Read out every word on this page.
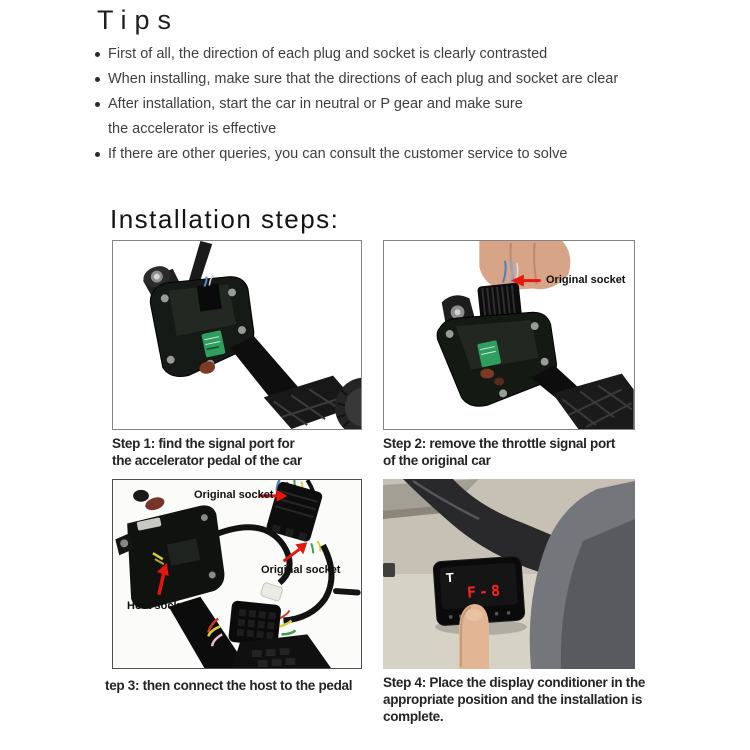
Tips
First of all, the direction of each plug and socket is clearly contrasted
When installing, make sure that the directions of each plug and socket are clear
After installation, start the car in neutral or P gear and make sure
the accelerator is effective
If there are other queries, you can consult the customer service to solve
Installation steps:
Step 1: find the signal port for
the accelerator pedal of the car
Original socket
Step 2: remove the throttle signal port
of the original car
Original socket
Original socket
Host socket
tep 3: then connect the host to the pedal
T
F-8
Step 4: Place the display conditioner in the
appropriate position and the installation is
complete.
